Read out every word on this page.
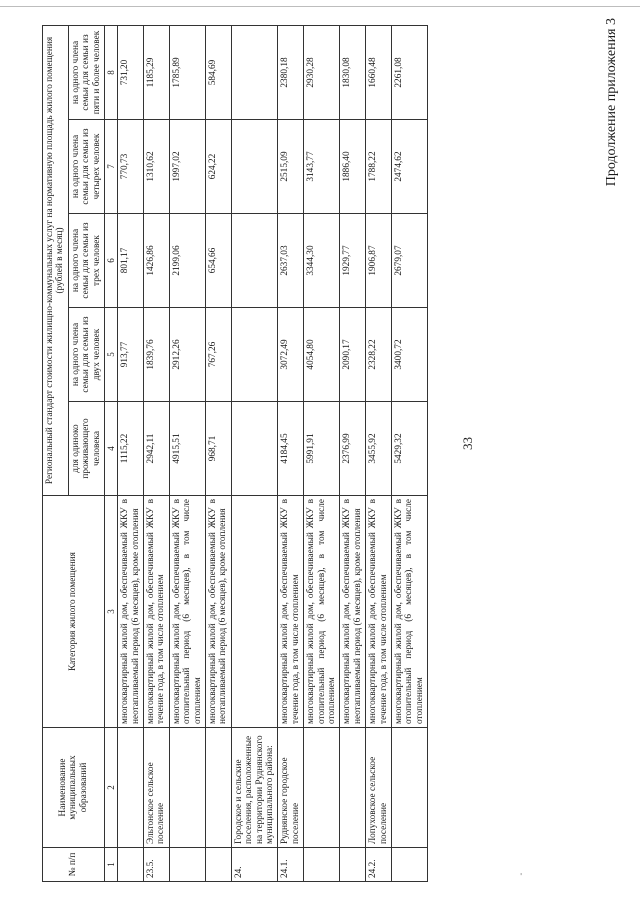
'
33
Продолжение приложения 3
№ п/п	Наименование муниципальных образований	Категория жилого помещения	Региональный стандарт стоимости жилищно-коммунальных услуг на нормативную площадь жилого помещения (рублей в месяц)				
			для одиноко проживающего человека	на одного члена семьи для семьи из двух человек	на одного члена семьи для семьи из трех человек	на одного члена семьи для семьи из четырех человек	на одного члена семьи для семьи из пяти и более человек
1	2	3	4	5	6	7	8
		многоквартирный жилой дом, обеспечиваемый ЖКУ в неотапливаемый период (6 месяцев), кроме отопления	1115,22	913,77	801,17	770,73	731,20
23.5.	Эльтонское сельское поселение	многоквартирный жилой дом, обеспечиваемый ЖКУ в течение года, в том числе отоплением	2942,11	1839,76	1426,86	1310,62	1185,29
		многоквартирный жилой дом, обеспечиваемый ЖКУ в отопительный период (6 месяцев), в том числе отоплением	4915,51	2912,26	2199,06	1997,02	1785,89
		многоквартирный жилой дом, обеспечиваемый ЖКУ в неотапливаемый период (6 месяцев), кроме отопления	968,71	767,26	654,66	624,22	584,69
24.	Городское и сельские поселения, расположенные на территории Руднянского муниципального района:						
24.1.	Руднянское городское поселение	многоквартирный жилой дом, обеспечиваемый ЖКУ в течение года, в том числе отоплением	4184,45	3072,49	2637,03	2515,09	2380,18
		многоквартирный жилой дом, обеспечиваемый ЖКУ в отопительный период (6 месяцев), в том числе отоплением	5991,91	4054,80	3344,30	3143,77	2930,28
		многоквартирный жилой дом, обеспечиваемый ЖКУ в неотапливаемый период (6 месяцев), кроме отопления	2376,99	2090,17	1929,77	1886,40	1830,08
24.2.	Лопуховское сельское поселение	многоквартирный жилой дом, обеспечиваемый ЖКУ в течение года, в том числе отоплением	3455,92	2328,22	1906,87	1788,22	1660,48
		многоквартирный жилой дом, обеспечиваемый ЖКУ в отопительный период (6 месяцев), в том числе отоплением	5429,32	3400,72	2679,07	2474,62	2261,08
